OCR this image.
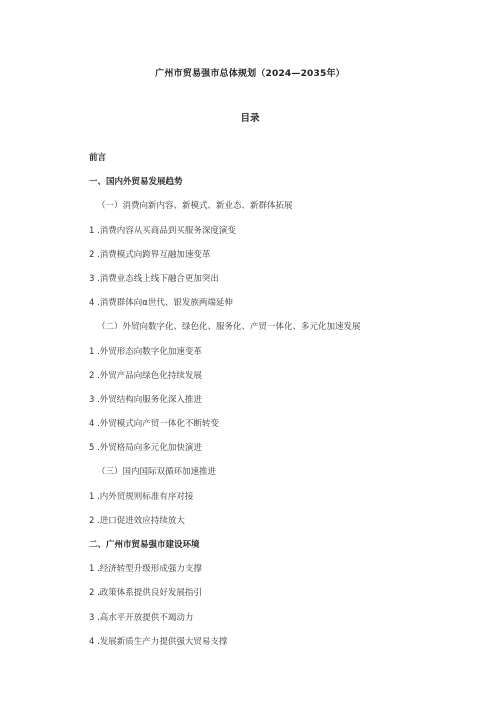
广州市贸易强市总体规划（2024—2035年）
目录
前言
一、国内外贸易发展趋势
（一）消费向新内容、新模式、新业态、新群体拓展
1 .消费内容从买商品到买服务深度演变
2 .消费模式向跨界互融加速变革
3 .消费业态线上线下融合更加突出
4 .消费群体向α世代、银发族两端延伸
（二）外贸向数字化、绿色化、服务化、产贸一体化、多元化加速发展
1 .外贸形态向数字化加速变革
2 .外贸产品向绿色化持续发展
3 .外贸结构向服务化深入推进
4 .外贸模式向产贸一体化不断转变
5 .外贸格局向多元化加快演进
（三）国内国际双循环加速推进
1 .内外贸规则标准有序对接
2 .进口促进效应持续放大
二、广州市贸易强市建设环境
1 .经济转型升级形成强力支撑
2 .政策体系提供良好发展指引
3 .高水平开放提供不竭动力
4 .发展新质生产力提供强大贸易支撑
